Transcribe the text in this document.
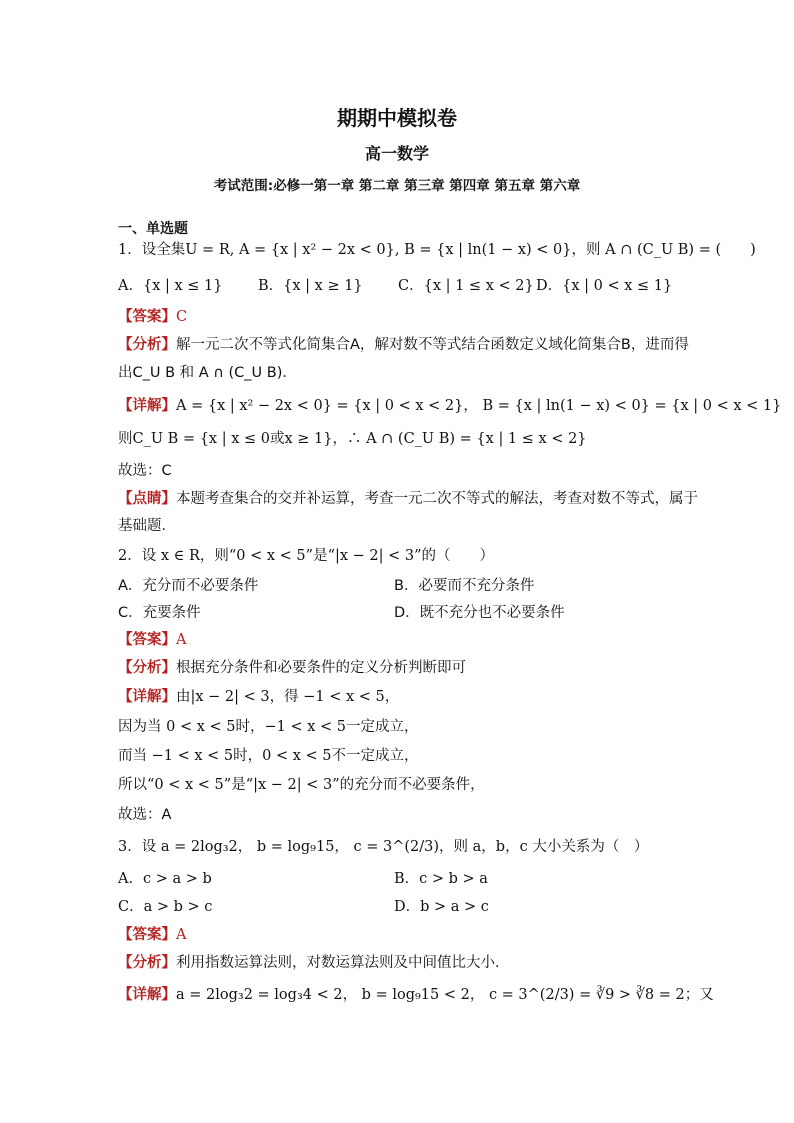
期期中模拟卷
高一数学
考试范围:必修一第一章 第二章 第三章 第四章 第五章 第六章
一、单选题
1．设全集U = R, A = {x | x² − 2x < 0}, B = {x | ln(1 − x) < 0}，则 A ∩ (C_U B) = (　　)
A．{x | x ≤ 1} B．{x | x ≥ 1} C．{x | 1 ≤ x < 2} D．{x | 0 < x ≤ 1}
【答案】C
【分析】解一元二次不等式化简集合A，解对数不等式结合函数定义域化简集合B，进而得
出C_U B 和 A ∩ (C_U B)．
【详解】A = {x | x² − 2x < 0} = {x | 0 < x < 2}， B = {x | ln(1 − x) < 0} = {x | 0 < x < 1}
则C_U B = {x | x ≤ 0或x ≥ 1}，∴ A ∩ (C_U B) = {x | 1 ≤ x < 2}
故选：C
【点睛】本题考查集合的交并补运算，考查一元二次不等式的解法，考查对数不等式，属于
基础题．
2．设 x ∈ R，则“0 < x < 5”是“|x − 2| < 3”的（　　）
A．充分而不必要条件	B．必要而不充分条件
C．充要条件	D．既不充分也不必要条件
【答案】A
【分析】根据充分条件和必要条件的定义分析判断即可
【详解】由|x − 2| < 3，得 −1 < x < 5，
因为当 0 < x < 5时，−1 < x < 5一定成立，
而当 −1 < x < 5时，0 < x < 5不一定成立，
所以“0 < x < 5”是“|x − 2| < 3”的充分而不必要条件，
故选：A
3．设 a = 2log₃2， b = log₉15， c = 3^(2/3)，则 a，b，c 大小关系为（　）
A．c > a > b	B．c > b > a
C．a > b > c	D．b > a > c
【答案】A
【分析】利用指数运算法则，对数运算法则及中间值比大小．
【详解】a = 2log₃2 = log₃4 < 2， b = log₉15 < 2， c = 3^(2/3) = ∛9 > ∛8 = 2；又
